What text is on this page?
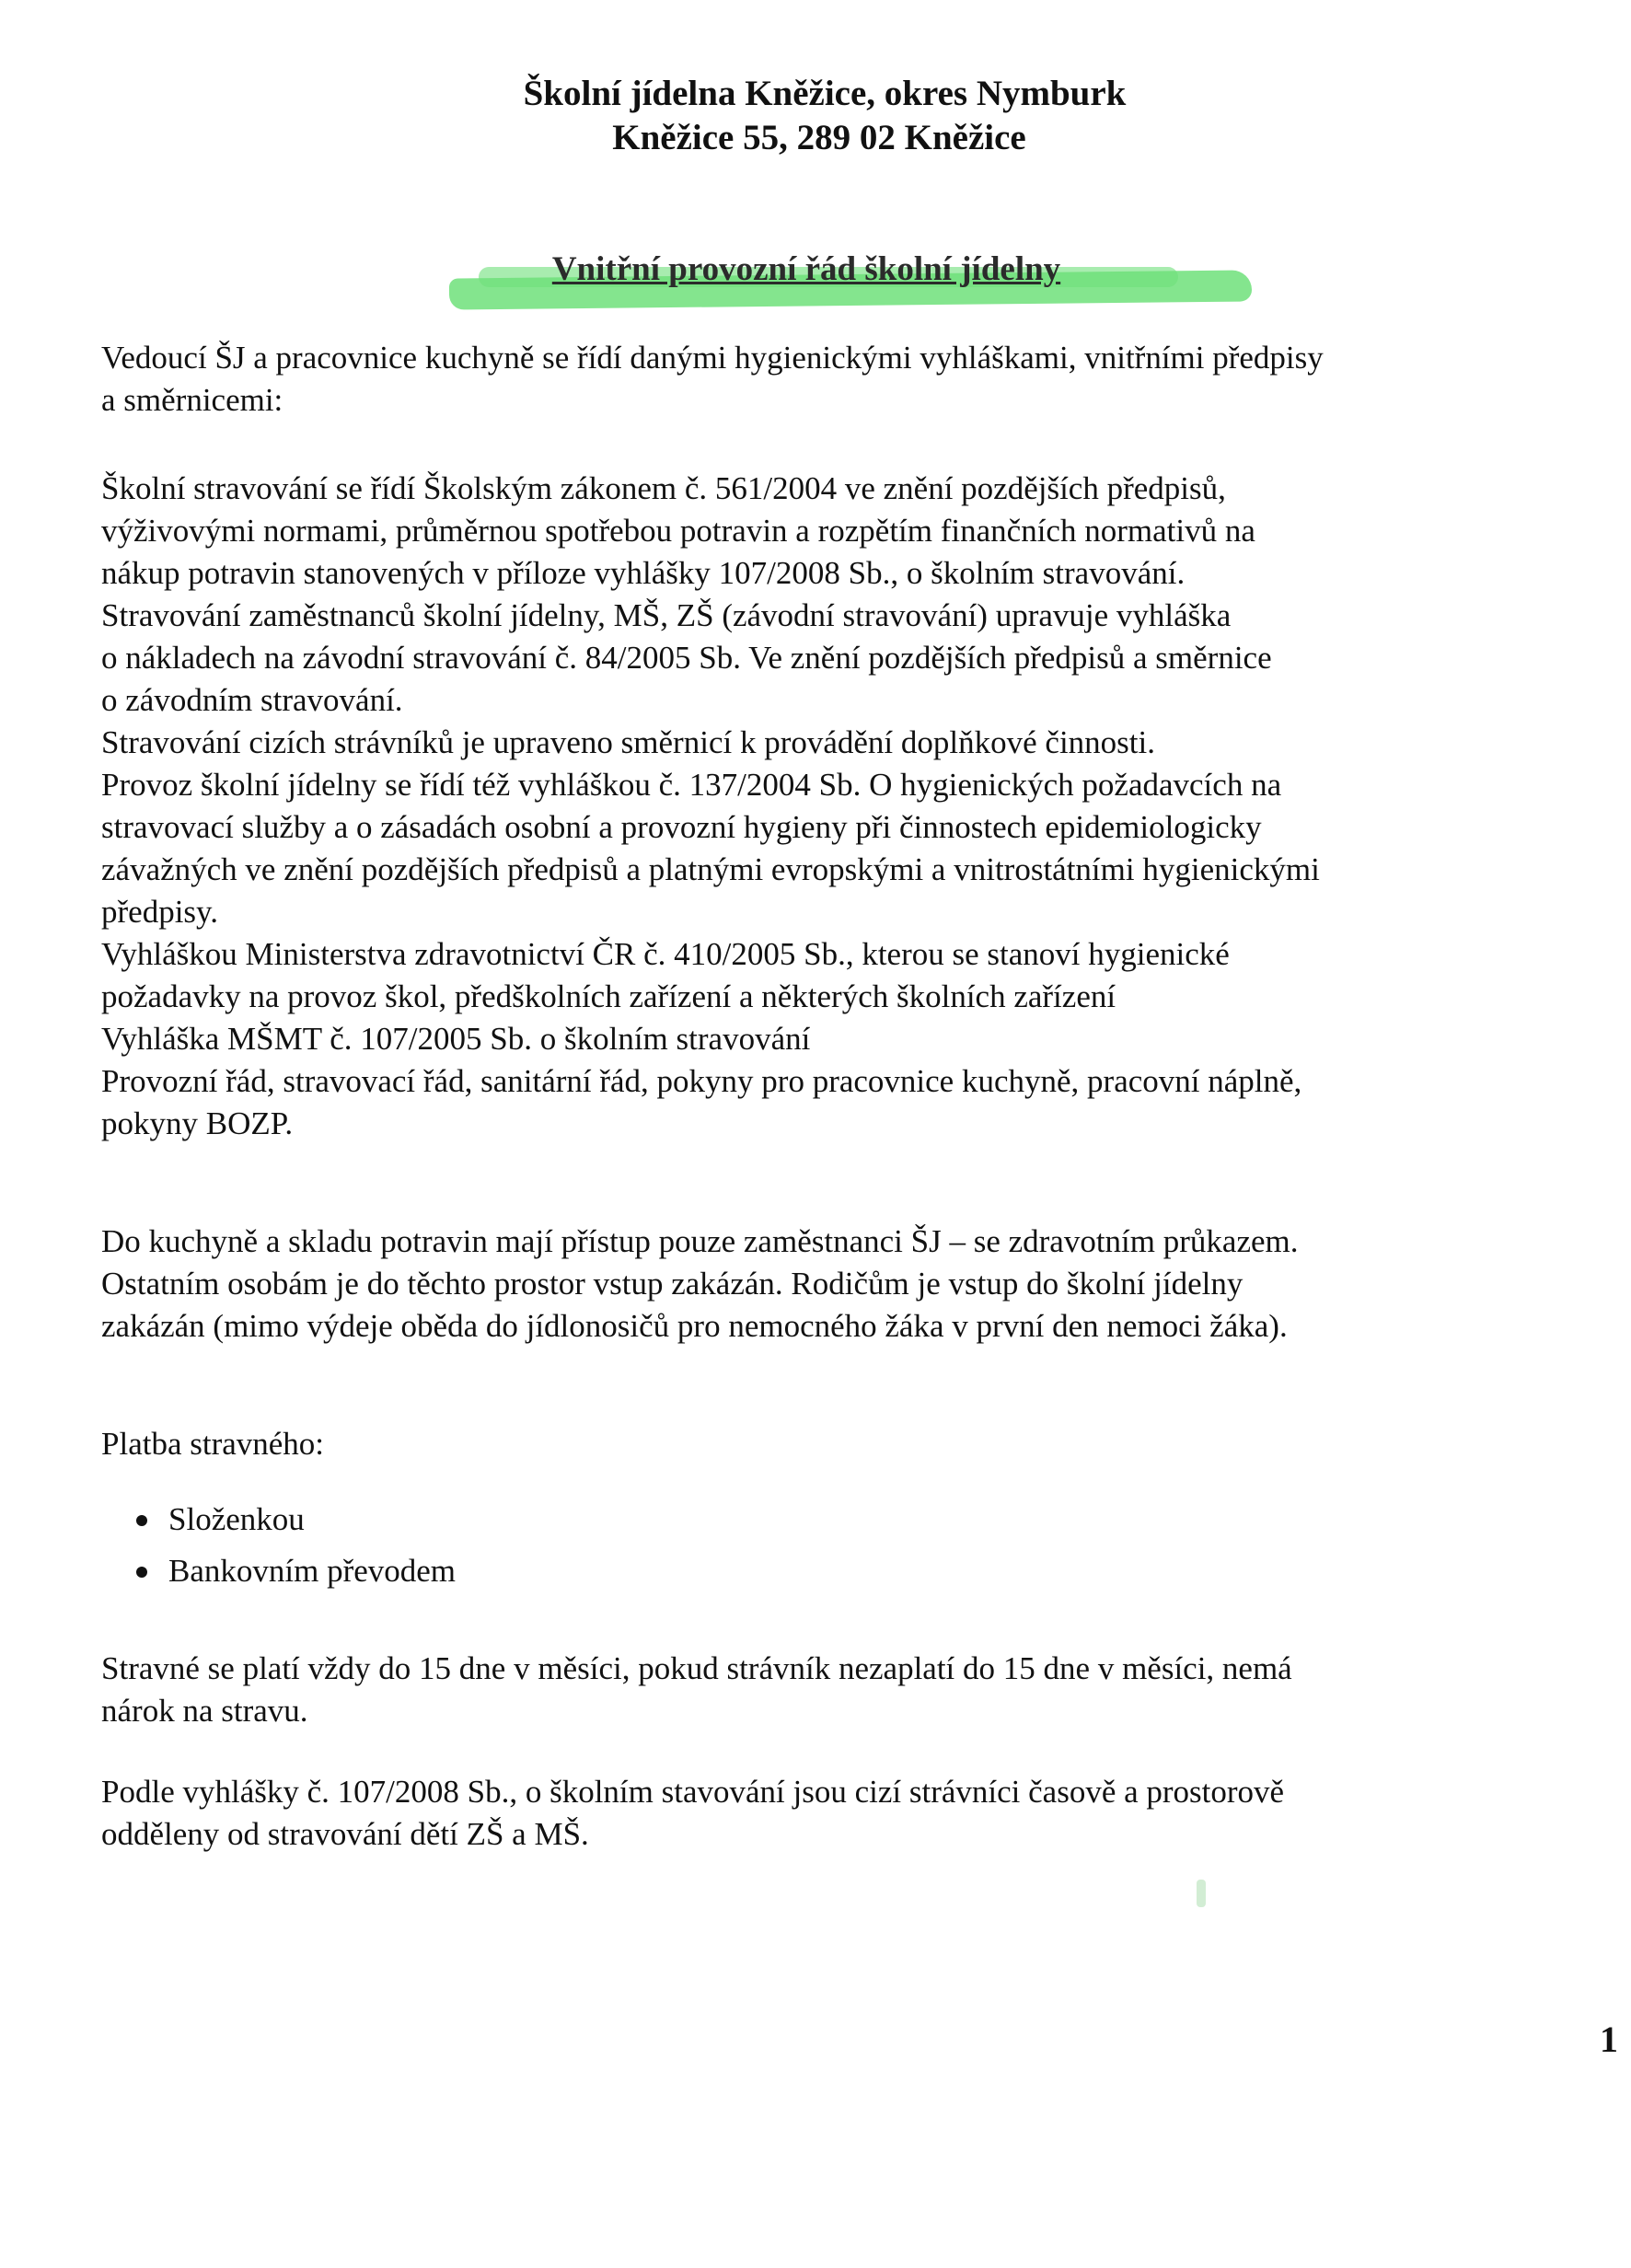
Školní jídelna Kněžice, okres Nymburk
Kněžice 55, 289 02 Kněžice
Vnitřní provozní řád školní jídelny
Vedoucí ŠJ a pracovnice kuchyně se řídí danými hygienickými vyhláškami, vnitřními předpisy
a směrnicemi:
Školní stravování se řídí Školským zákonem č. 561/2004 ve znění pozdějších předpisů,
výživovými normami, průměrnou spotřebou potravin a rozpětím finančních normativů na
nákup potravin stanovených v příloze vyhlášky 107/2008 Sb., o školním stravování.
Stravování zaměstnanců školní jídelny, MŠ, ZŠ (závodní stravování) upravuje vyhláška
o nákladech na závodní stravování č. 84/2005 Sb. Ve znění pozdějších předpisů a směrnice
o závodním stravování.
Stravování cizích strávníků je upraveno směrnicí k provádění doplňkové činnosti.
Provoz školní jídelny se řídí též vyhláškou č. 137/2004 Sb. O hygienických požadavcích na
stravovací služby a o zásadách osobní a provozní hygieny při činnostech epidemiologicky
závažných ve znění pozdějších předpisů a platnými evropskými a vnitrostátními hygienickými
předpisy.
Vyhláškou Ministerstva zdravotnictví ČR č. 410/2005 Sb., kterou se stanoví hygienické
požadavky na provoz škol, předškolních zařízení a některých školních zařízení
Vyhláška MŠMT č. 107/2005 Sb. o školním stravování
Provozní řád, stravovací řád, sanitární řád, pokyny pro pracovnice kuchyně, pracovní náplně,
pokyny BOZP.
Do kuchyně a skladu potravin mají přístup pouze zaměstnanci ŠJ – se zdravotním průkazem.
Ostatním osobám je do těchto prostor vstup zakázán. Rodičům je vstup do školní jídelny
zakázán (mimo výdeje oběda do jídlonosičů pro nemocného žáka v první den nemoci žáka).
Platba stravného:
Složenkou
Bankovním převodem
Stravné se platí vždy do 15 dne v měsíci, pokud strávník nezaplatí do 15 dne v měsíci, nemá
nárok na stravu.
Podle vyhlášky č. 107/2008 Sb., o školním stavování jsou cizí strávníci časově a prostorově
odděleny od stravování dětí ZŠ a MŠ.
1
